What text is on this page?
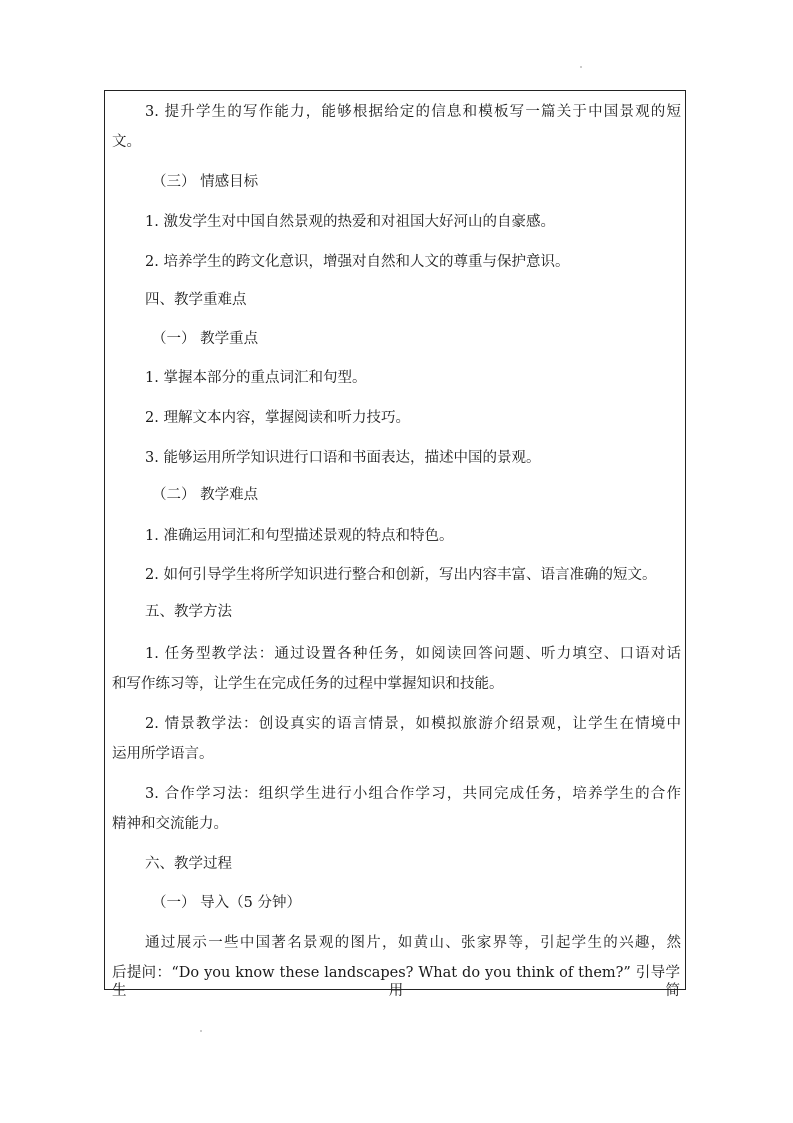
3. 提升学生的写作能力，能够根据给定的信息和模板写一篇关于中国景观的短

文。

（三） 情感目标

1. 激发学生对中国自然景观的热爱和对祖国大好河山的自豪感。

2. 培养学生的跨文化意识，增强对自然和人文的尊重与保护意识。

四、教学重难点

（一） 教学重点

1. 掌握本部分的重点词汇和句型。

2. 理解文本内容，掌握阅读和听力技巧。

3. 能够运用所学知识进行口语和书面表达，描述中国的景观。

（二） 教学难点

1. 准确运用词汇和句型描述景观的特点和特色。

2. 如何引导学生将所学知识进行整合和创新，写出内容丰富、语言准确的短文。

五、教学方法

1. 任务型教学法：通过设置各种任务，如阅读回答问题、听力填空、口语对话

和写作练习等，让学生在完成任务的过程中掌握知识和技能。

2. 情景教学法：创设真实的语言情景，如模拟旅游介绍景观，让学生在情境中

运用所学语言。

3. 合作学习法：组织学生进行小组合作学习，共同完成任务，培养学生的合作

精神和交流能力。

六、教学过程

（一） 导入（5 分钟）

通过展示一些中国著名景观的图片，如黄山、张家界等，引起学生的兴趣，然

后提问：“Do you know these landscapes? What do you think of them?” 引导学生用简
